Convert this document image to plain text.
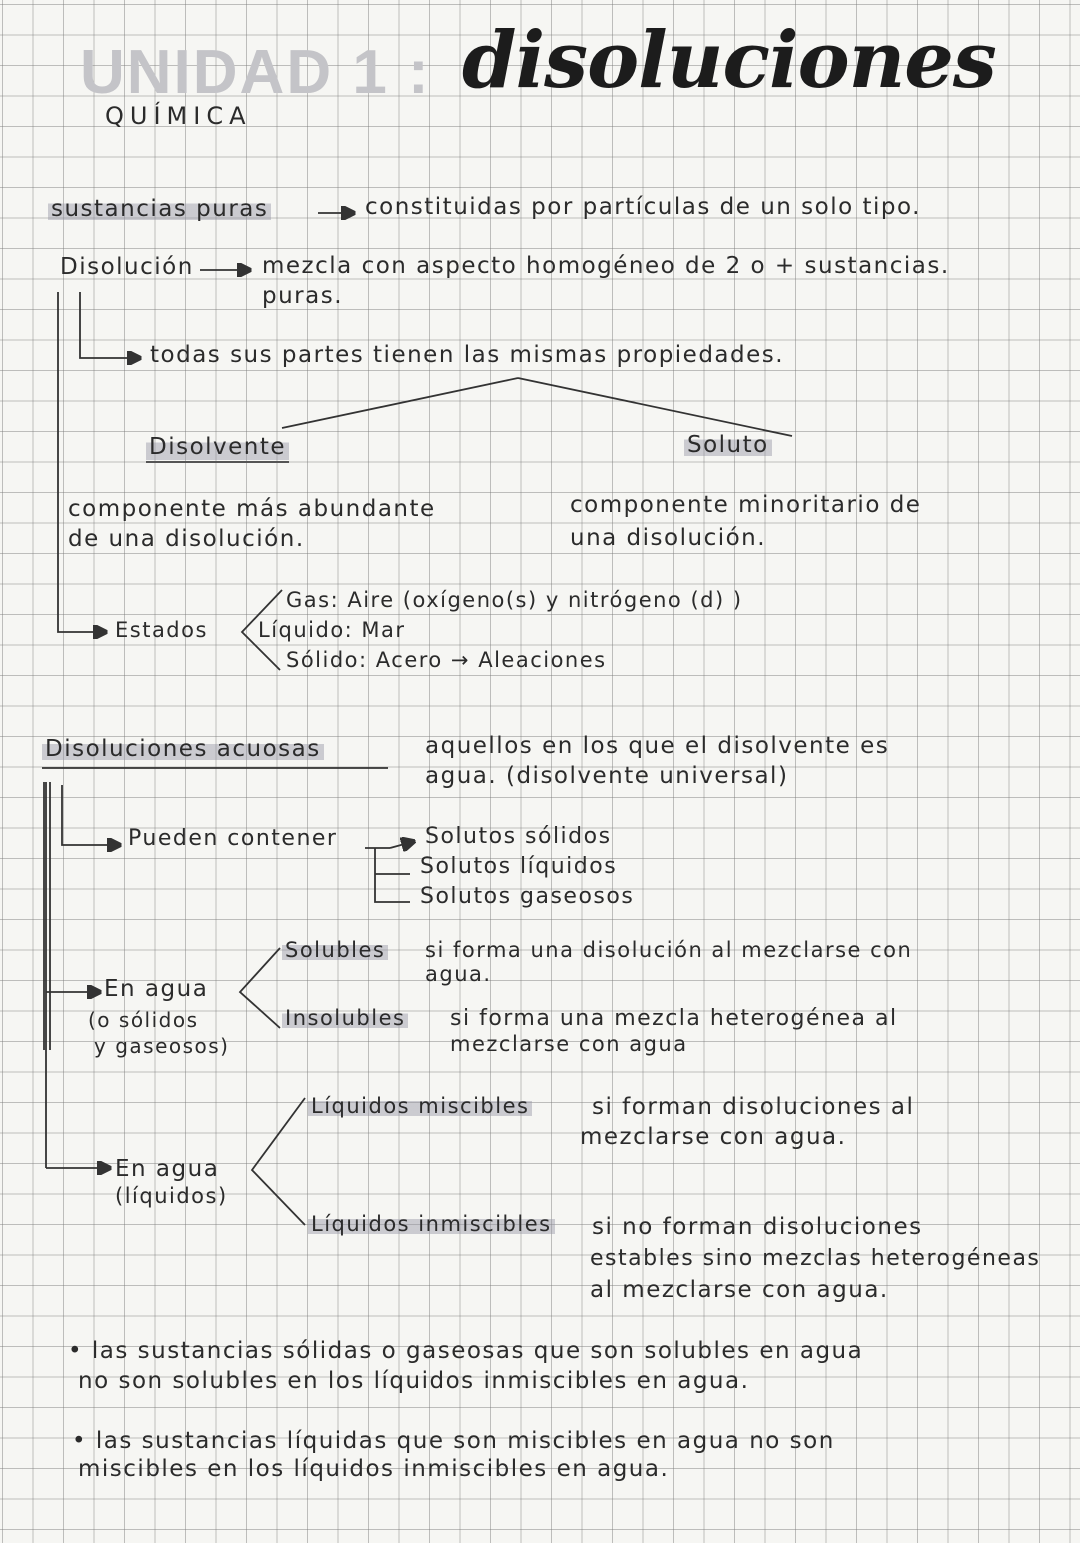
UNIDAD 1 : disoluciones
QUÍMICA
sustancias puras	constituidas por partículas de un solo tipo.
Disolución	mezcla con aspecto homogéneo de 2 o + sustancias.
puras.
todas sus partes tienen las mismas propiedades.
Disolvente	Soluto
componente más abundante
de una disolución.
componente minoritario de
una disolución.
Estados
Gas: Aire (oxígeno(s) y nitrógeno (d) )
Líquido: Mar
Sólido: Acero → Aleaciones
Disoluciones acuosas	aquellos en los que el disolvente es
agua. (disolvente universal)
Pueden contener	Solutos sólidos
Solutos líquidos
Solutos gaseosos
En agua
(o sólidos
y gaseosos)
Solubles si forma una disolución al mezclarse con
agua.
Insolubles si forma una mezcla heterogénea al
mezclarse con agua
En agua
(líquidos)
Líquidos miscibles	si forman disoluciones al
mezclarse con agua.
Líquidos inmiscibles si no forman disoluciones
estables sino mezclas heterogéneas
al mezclarse con agua.
• las sustancias sólidas o gaseosas que son solubles en agua
no son solubles en los líquidos inmiscibles en agua.
• las sustancias líquidas que son miscibles en agua no son
miscibles en los líquidos inmiscibles en agua.
